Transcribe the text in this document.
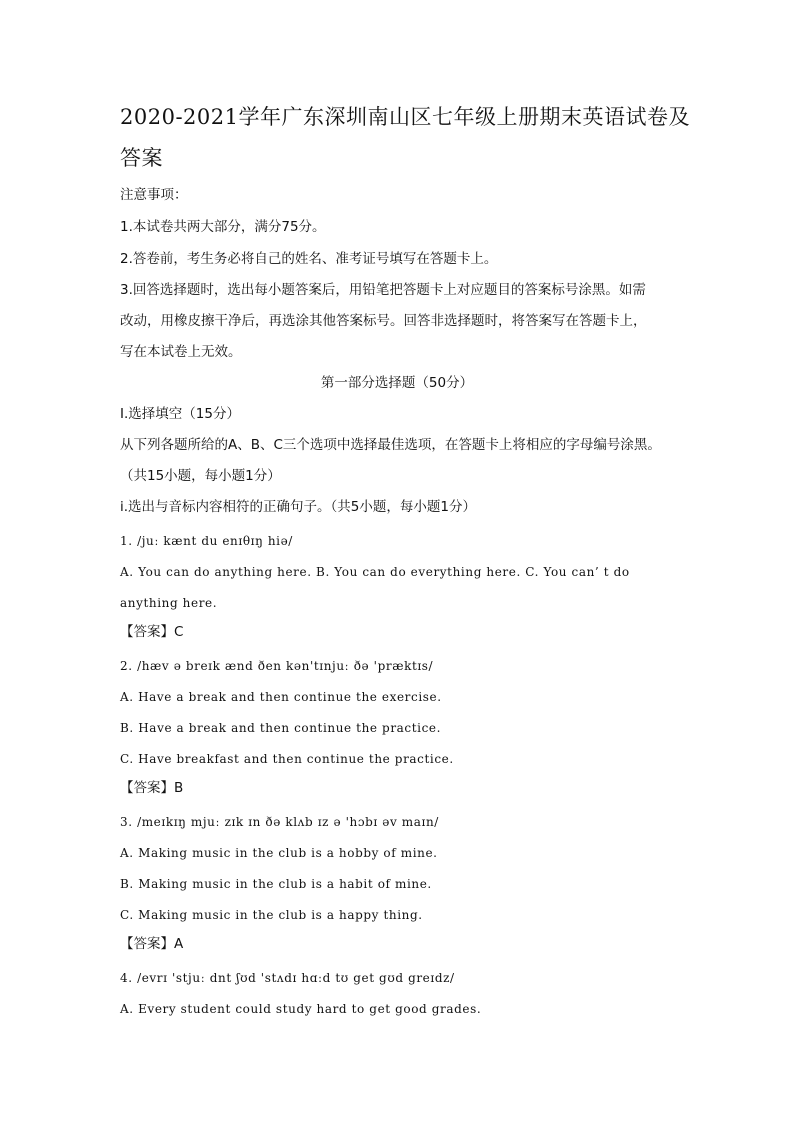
2020-2021学年广东深圳南山区七年级上册期末英语试卷及
答案
注意事项：
1.本试卷共两大部分，满分75分。
2.答卷前，考生务必将自己的姓名、准考证号填写在答题卡上。
3.回答选择题时，选出每小题答案后，用铅笔把答题卡上对应题目的答案标号涂黑。如需
改动，用橡皮擦干净后，再选涂其他答案标号。回答非选择题时，将答案写在答题卡上，
写在本试卷上无效。
第一部分选择题（50分）
Ⅰ.选择填空（15分）
从下列各题所给的A、B、C三个选项中选择最佳选项，在答题卡上将相应的字母编号涂黑。
（共15小题，每小题1分）
i.选出与音标内容相符的正确句子。（共5小题，每小题1分）
1. /juː kænt du enɪθɪŋ hiə/
A. You can do anything here. B. You can do everything here. C. You can’ t do
anything here.
【答案】C
2. /hæv ə breɪk ænd ðen kən'tɪnjuː ðə 'præktɪs/
A. Have a break and then continue the exercise.
B. Have a break and then continue the practice.
C. Have breakfast and then continue the practice.
【答案】B
3. /meɪkɪŋ mjuː zɪk ɪn ðə klʌb ɪz ə 'hɔbɪ əv maɪn/
A. Making music in the club is a hobby of mine.
B. Making music in the club is a habit of mine.
C. Making music in the club is a happy thing.
【答案】A
4. /evrɪ 'stjuː dnt ʃʊd 'stʌdɪ hɑːd tʊ get gʊd greɪdz/
A. Every student could study hard to get good grades.
